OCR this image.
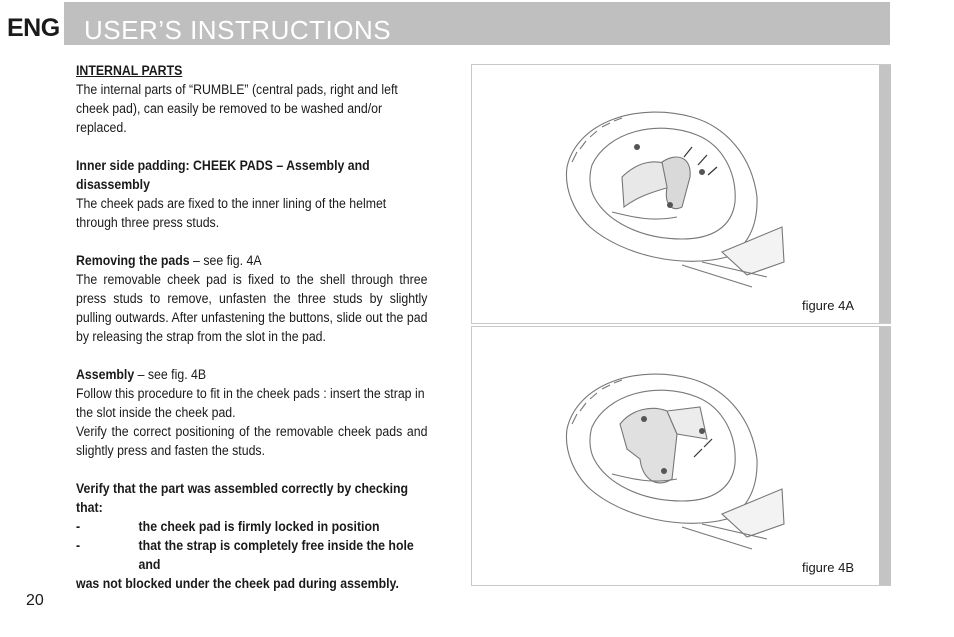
ENG USER’S INSTRUCTIONS

INTERNAL PARTS

The internal parts of “RUMBLE” (central pads, right and left cheek pad), can easily be removed to be washed and/or replaced.

Inner side padding: CHEEK PADS – Assembly and disassembly

The cheek pads are fixed to the inner lining of the helmet through three press studs.

Removing the pads – see fig. 4A

The removable cheek pad is fixed to the shell through three press studs to remove, unfasten the three studs by slightly pulling outwards. After unfastening the buttons, slide out the pad by releasing the strap from the slot in the pad.

Assembly – see fig. 4B

Follow this procedure to fit in the cheek pads : insert the strap in the slot inside the cheek pad.

Verify the correct positioning of the removable cheek pads and slightly press and fasten the studs.

Verify that the part was assembled correctly by checking that:

-	the cheek pad is firmly locked in position
-	that the strap is completely free inside the hole and

was not blocked under the cheek pad during assembly.

figure 4A
figure 4B
20
